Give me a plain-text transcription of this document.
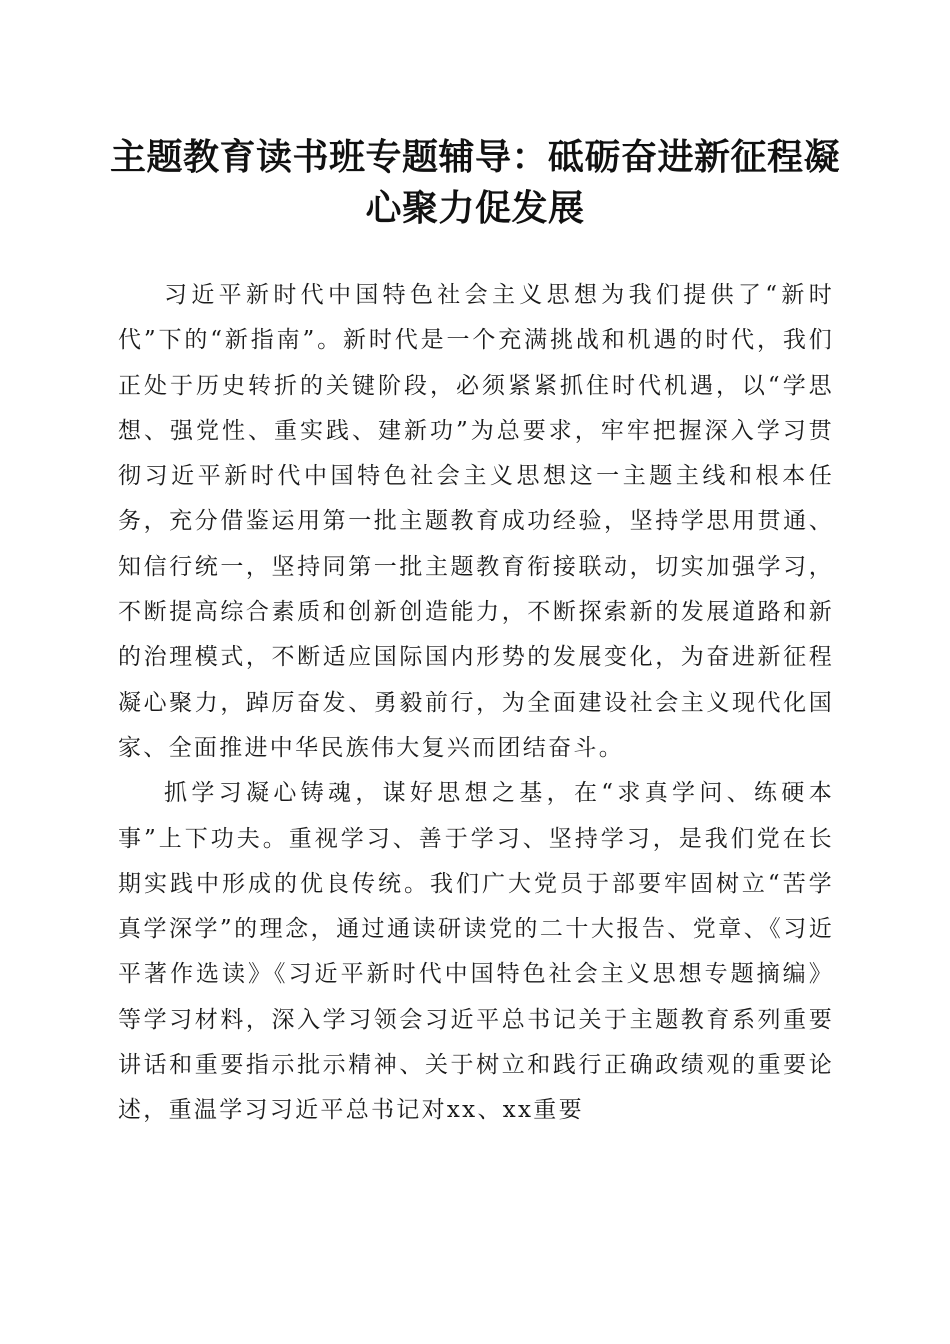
主题教育读书班专题辅导：砥砺奋进新征程凝心聚力促发展

习近平新时代中国特色社会主义思想为我们提供了“新时代”下的“新指南”。新时代是一个充满挑战和机遇的时代，我们正处于历史转折的关键阶段，必须紧紧抓住时代机遇，以“学思想、强党性、重实践、建新功”为总要求，牢牢把握深入学习贯彻习近平新时代中国特色社会主义思想这一主题主线和根本任务，充分借鉴运用第一批主题教育成功经验，坚持学思用贯通、知信行统一，坚持同第一批主题教育衔接联动，切实加强学习，不断提高综合素质和创新创造能力，不断探索新的发展道路和新的治理模式，不断适应国际国内形势的发展变化，为奋进新征程凝心聚力，踔厉奋发、勇毅前行，为全面建设社会主义现代化国家、全面推进中华民族伟大复兴而团结奋斗。

抓学习凝心铸魂，谋好思想之基，在“求真学问、练硬本事”上下功夫。重视学习、善于学习、坚持学习，是我们党在长期实践中形成的优良传统。我们广大党员于部要牢固树立“苦学真学深学”的理念，通过通读研读党的二十大报告、党章、《习近平著作选读》《习近平新时代中国特色社会主义思想专题摘编》等学习材料，深入学习领会习近平总书记关于主题教育系列重要讲话和重要指示批示精神、关于树立和践行正确政绩观的重要论述，重温学习习近平总书记对xx、xx重要
